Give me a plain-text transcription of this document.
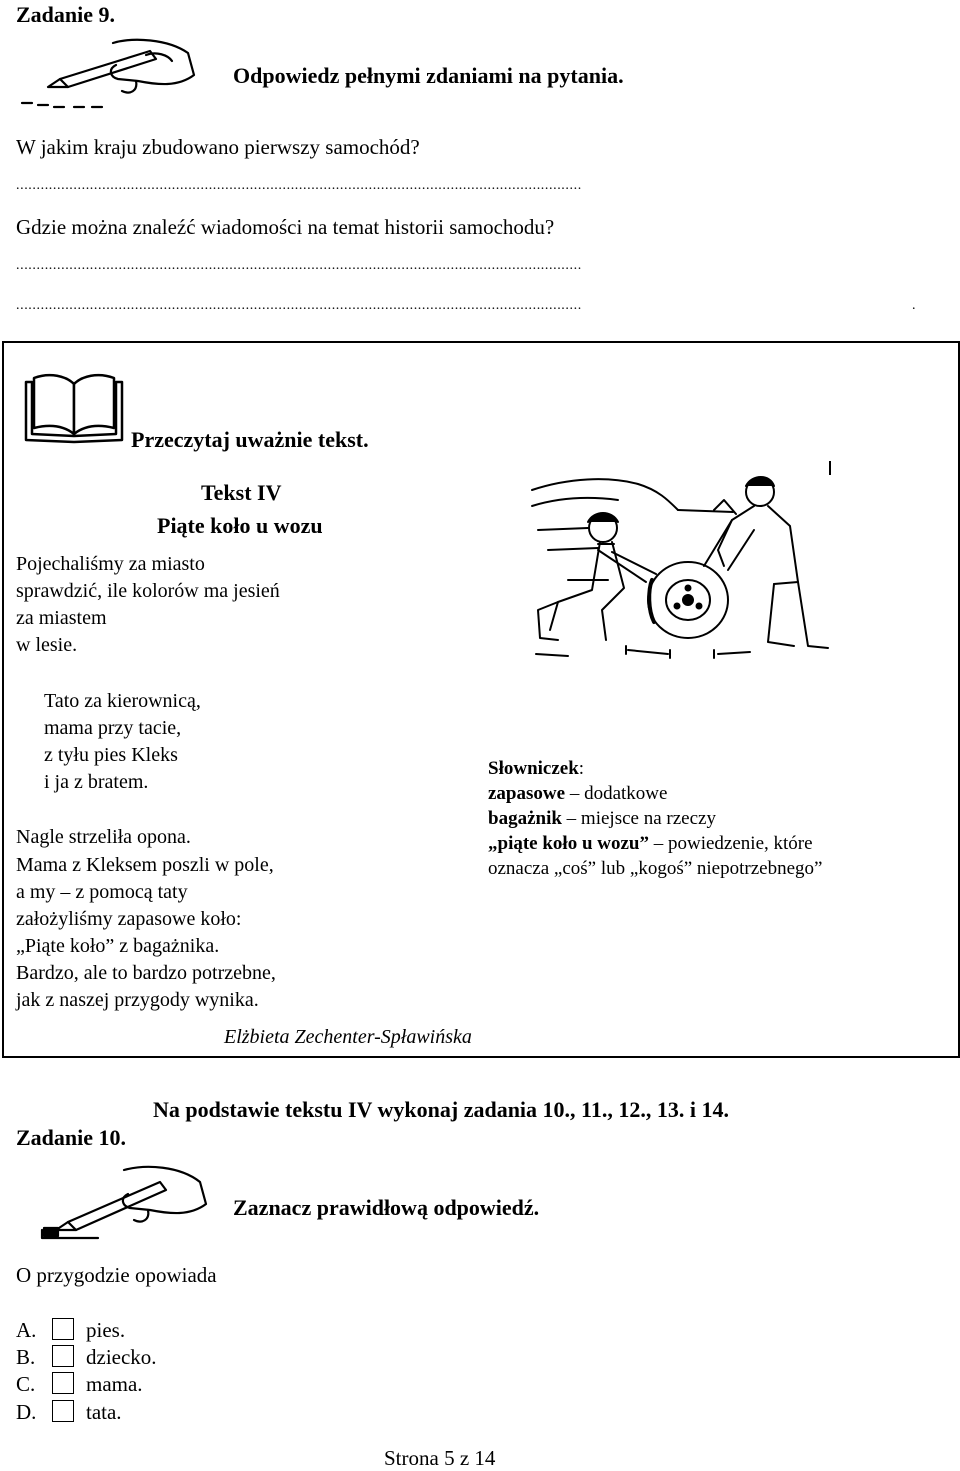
Zadanie 9.
Odpowiedz pełnymi zdaniami na pytania.
W jakim kraju zbudowano pierwszy samochód?
..........................................................................................................................................
Gdzie można znaleźć wiadomości na temat historii samochodu?
..........................................................................................................................................
..........................................................................................................................................	.
Przeczytaj uważnie tekst.
Tekst IV
Piąte koło u wozu
Pojechaliśmy za miasto
sprawdzić, ile kolorów ma jesień
za miastem
w lesie.
Tato za kierownicą,
mama przy tacie,
z tyłu pies Kleks
i ja z bratem.
Nagle strzeliła opona.
Mama z Kleksem poszli w pole,
a my – z pomocą taty
założyliśmy zapasowe koło:
„Piąte koło” z bagażnika.
Bardzo, ale to bardzo potrzebne,
jak z naszej przygody wynika.
Elżbieta Zechenter-Spławińska
Słowniczek:
zapasowe – dodatkowe
bagażnik – miejsce na rzeczy
„piąte koło u wozu” – powiedzenie, które
oznacza „coś” lub „kogoś” niepotrzebnego”
Na podstawie tekstu IV wykonaj zadania 10., 11., 12., 13. i 14.
Zadanie 10.
Zaznacz prawidłową odpowiedź.
O przygodzie opowiada
A. pies.
B. dziecko.
C. mama.
D. tata.
Strona 5 z 14
